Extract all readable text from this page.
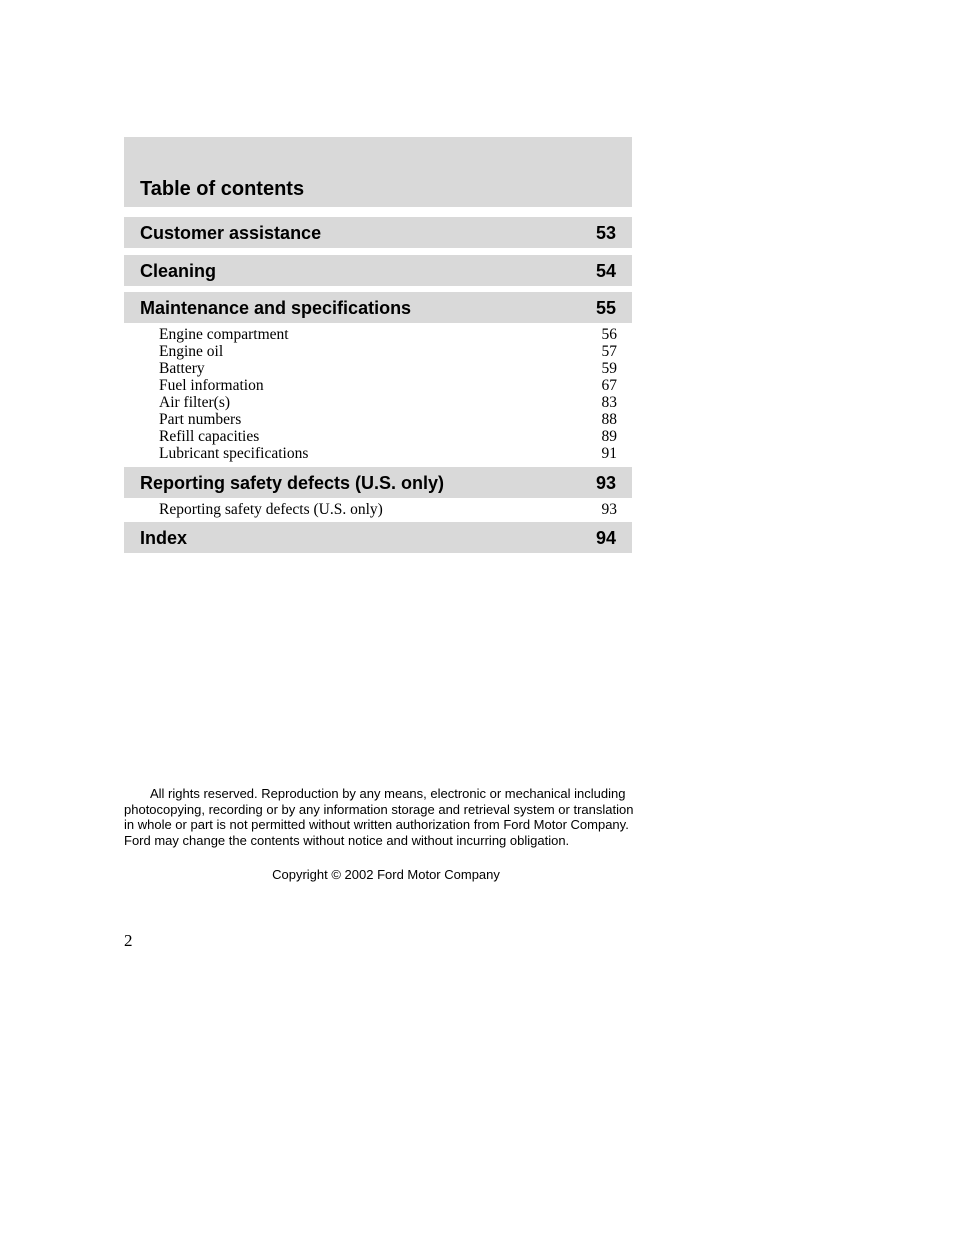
Table of contents
Customer assistance	53
Cleaning	54
Maintenance and specifications	55
Engine compartment	56
Engine oil	57
Battery	59
Fuel information	67
Air filter(s)	83
Part numbers	88
Refill capacities	89
Lubricant specifications	91
Reporting safety defects (U.S. only)	93
Reporting safety defects (U.S. only)	93
Index	94
All rights reserved. Reproduction by any means, electronic or mechanical including photocopying, recording or by any information storage and retrieval system or translation in whole or part is not permitted without written authorization from Ford Motor Company. Ford may change the contents without notice and without incurring obligation.
Copyright © 2002 Ford Motor Company
2
